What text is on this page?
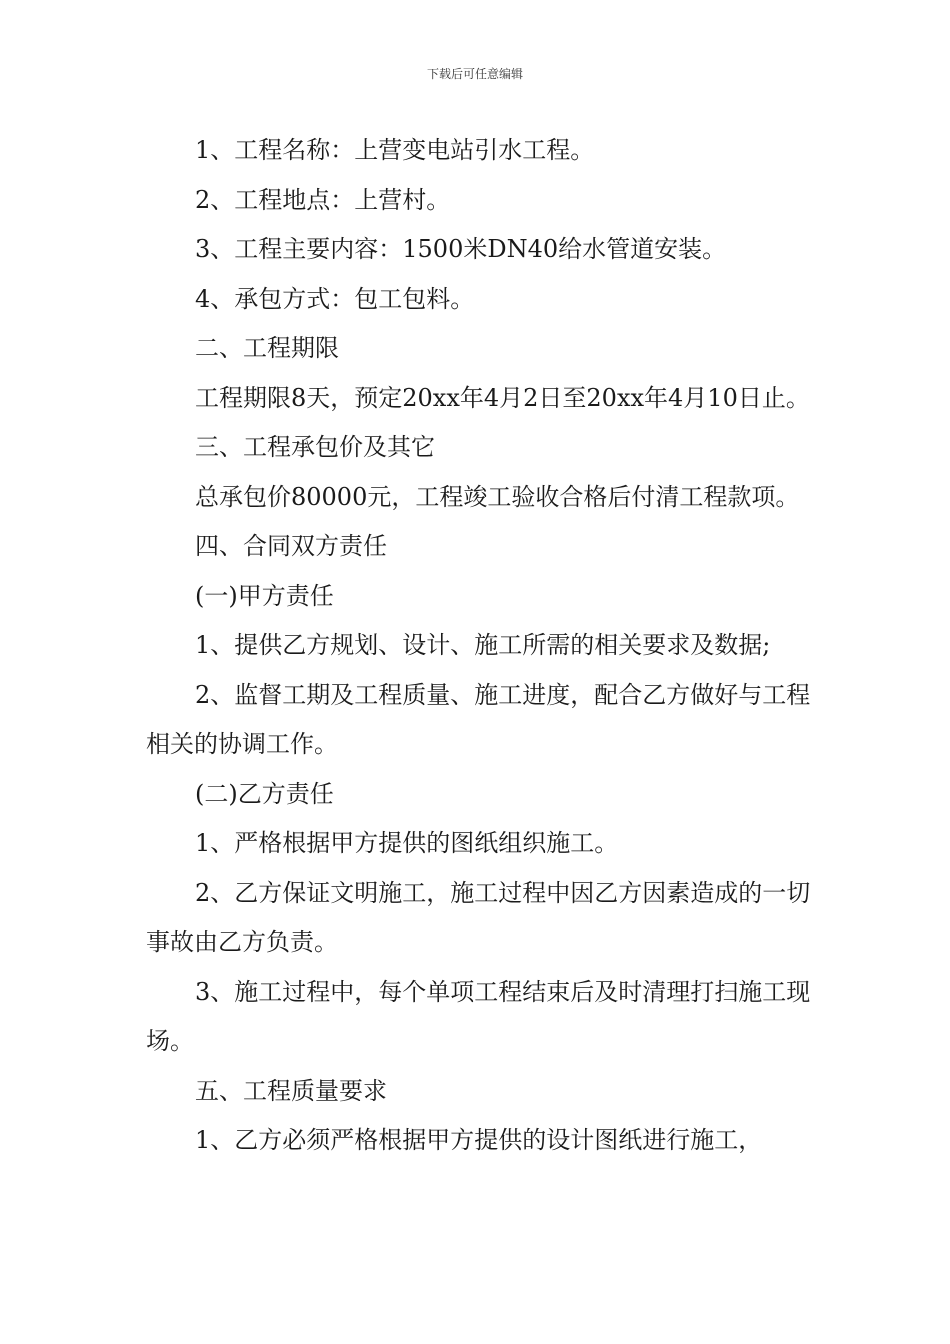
下载后可任意编辑

1、工程名称：上营变电站引水工程。

2、工程地点：上营村。

3、工程主要内容：1500米DN40给水管道安装。

4、承包方式：包工包料。

二、工程期限

工程期限8天，预定20xx年4月2日至20xx年4月10日止。

三、工程承包价及其它

总承包价80000元，工程竣工验收合格后付清工程款项。

四、合同双方责任

(一)甲方责任

1、提供乙方规划、设计、施工所需的相关要求及数据;

2、监督工期及工程质量、施工进度，配合乙方做好与工程相关的协调工作。

(二)乙方责任

1、严格根据甲方提供的图纸组织施工。

2、乙方保证文明施工，施工过程中因乙方因素造成的一切事故由乙方负责。

3、施工过程中，每个单项工程结束后及时清理打扫施工现场。

五、工程质量要求

1、乙方必须严格根据甲方提供的设计图纸进行施工，
